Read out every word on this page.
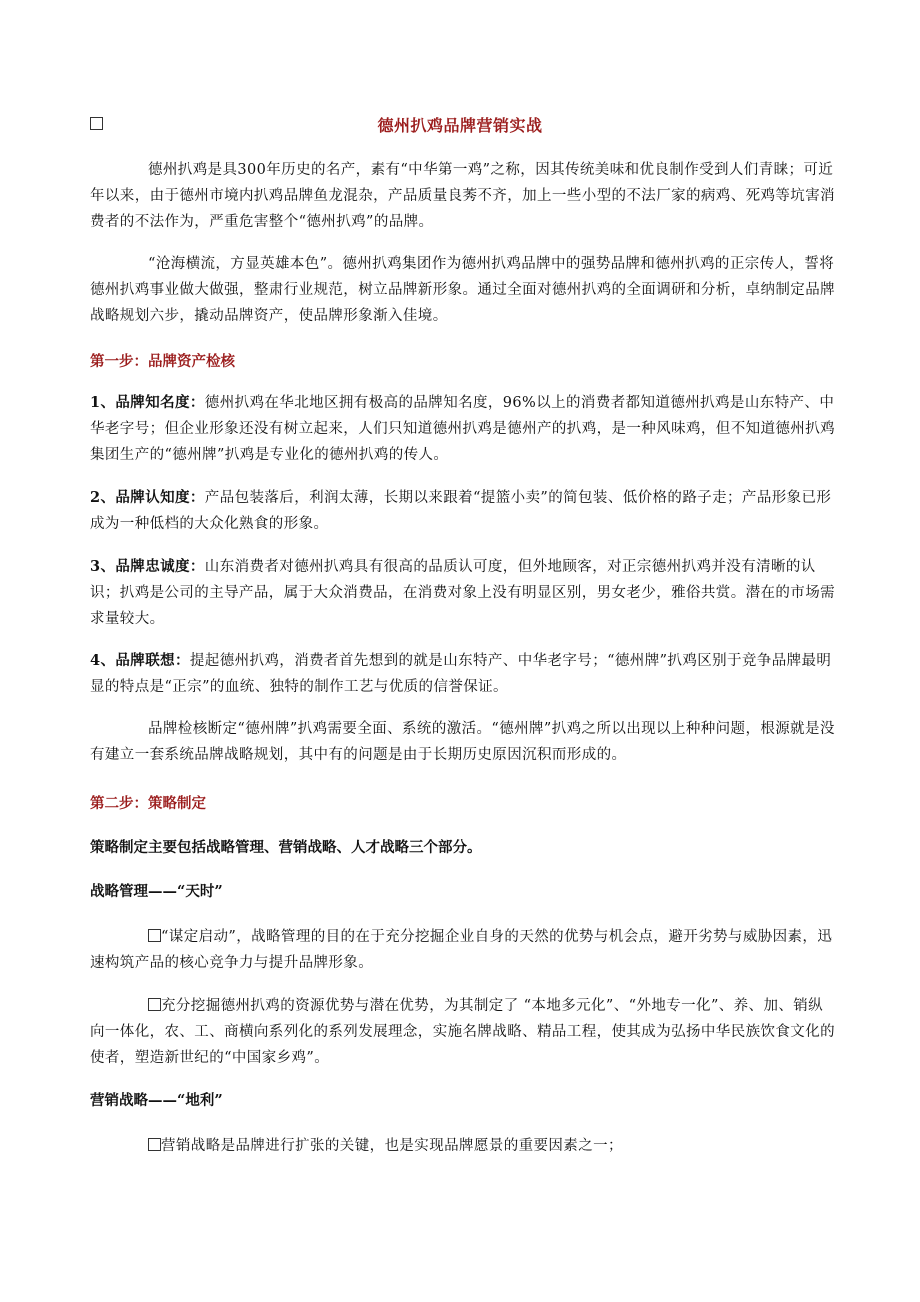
德州扒鸡品牌营销实战

德州扒鸡是具300年历史的名产，素有“中华第一鸡”之称，因其传统美味和优良制作受到人们青睐；可近年以来，由于德州市境内扒鸡品牌鱼龙混杂，产品质量良莠不齐，加上一些小型的不法厂家的病鸡、死鸡等坑害消费者的不法作为，严重危害整个“德州扒鸡”的品牌。

“沧海横流，方显英雄本色”。德州扒鸡集团作为德州扒鸡品牌中的强势品牌和德州扒鸡的正宗传人，誓将德州扒鸡事业做大做强，整肃行业规范，树立品牌新形象。通过全面对德州扒鸡的全面调研和分析，卓纳制定品牌战略规划六步，撬动品牌资产，使品牌形象渐入佳境。

第一步：品牌资产检核

1、品牌知名度：德州扒鸡在华北地区拥有极高的品牌知名度，96%以上的消费者都知道德州扒鸡是山东特产、中华老字号；但企业形象还没有树立起来，人们只知道德州扒鸡是德州产的扒鸡，是一种风味鸡，但不知道德州扒鸡集团生产的“德州牌”扒鸡是专业化的德州扒鸡的传人。

2、品牌认知度：产品包装落后，利润太薄，长期以来跟着“提篮小卖”的简包装、低价格的路子走；产品形象已形成为一种低档的大众化熟食的形象。

3、品牌忠诚度：山东消费者对德州扒鸡具有很高的品质认可度，但外地顾客，对正宗德州扒鸡并没有清晰的认识；扒鸡是公司的主导产品，属于大众消费品，在消费对象上没有明显区别，男女老少，雅俗共赏。潜在的市场需求量较大。

4、品牌联想：提起德州扒鸡，消费者首先想到的就是山东特产、中华老字号；“德州牌”扒鸡区别于竞争品牌最明显的特点是“正宗”的血统、独特的制作工艺与优质的信誉保证。

品牌检核断定“德州牌”扒鸡需要全面、系统的激活。“德州牌”扒鸡之所以出现以上种种问题，根源就是没有建立一套系统品牌战略规划，其中有的问题是由于长期历史原因沉积而形成的。

第二步：策略制定
策略制定主要包括战略管理、营销战略、人才战略三个部分。
战略管理——“天时”

“谋定启动”，战略管理的目的在于充分挖掘企业自身的天然的优势与机会点，避开劣势与威胁因素，迅速构筑产品的核心竞争力与提升品牌形象。

充分挖掘德州扒鸡的资源优势与潜在优势，为其制定了 “本地多元化”、“外地专一化”、养、加、销纵向一体化，农、工、商横向系列化的系列发展理念，实施名牌战略、精品工程，使其成为弘扬中华民族饮食文化的使者，塑造新世纪的“中国家乡鸡”。

营销战略——“地利”

营销战略是品牌进行扩张的关键，也是实现品牌愿景的重要因素之一；
